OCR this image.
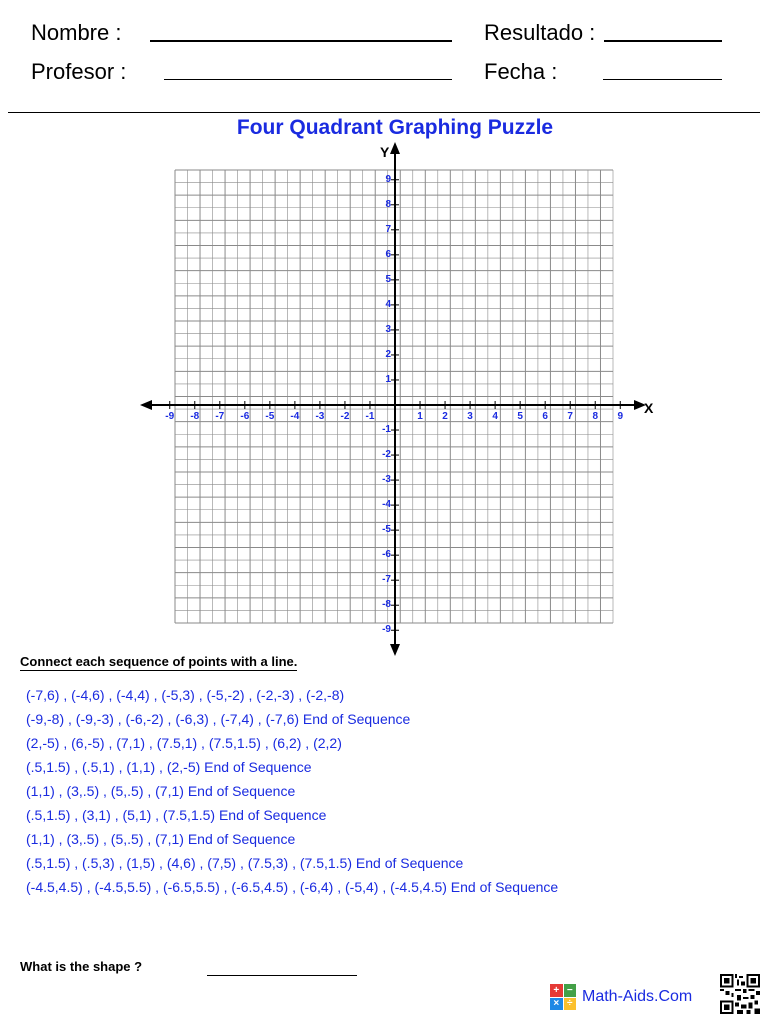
Nombre :	Resultado :
Profesor :	Fecha :
Four Quadrant Graphing Puzzle
X
Y
-9 -8 -7 -6 -5 -4 -3 -2 -1	1 2 3 4 5 6 7 8 9
9
8
7
6
5
4
3
2
1
-1
-2
-3
-4
-5
-6
-7
-8
-9
Connect each sequence of points with a line.
(-7,6) , (-4,6) , (-4,4) , (-5,3) , (-5,-2) , (-2,-3) , (-2,-8)
(-9,-8) , (-9,-3) , (-6,-2) , (-6,3) , (-7,4) , (-7,6) End of Sequence
(2,-5) , (6,-5) , (7,1) , (7.5,1) , (7.5,1.5) , (6,2) , (2,2)
(.5,1.5) , (.5,1) , (1,1) , (2,-5) End of Sequence
(1,1) , (3,.5) , (5,.5) , (7,1) End of Sequence
(.5,1.5) , (3,1) , (5,1) , (7.5,1.5) End of Sequence
(1,1) , (3,.5) , (5,.5) , (7,1) End of Sequence
(.5,1.5) , (.5,3) , (1,5) , (4,6) , (7,5) , (7.5,3) , (7.5,1.5) End of Sequence
(-4.5,4.5) , (-4.5,5.5) , (-6.5,5.5) , (-6.5,4.5) , (-6,4) , (-5,4) , (-4.5,4.5) End of Sequence
What is the shape ?
+ −
× ÷ Math-Aids.Com
